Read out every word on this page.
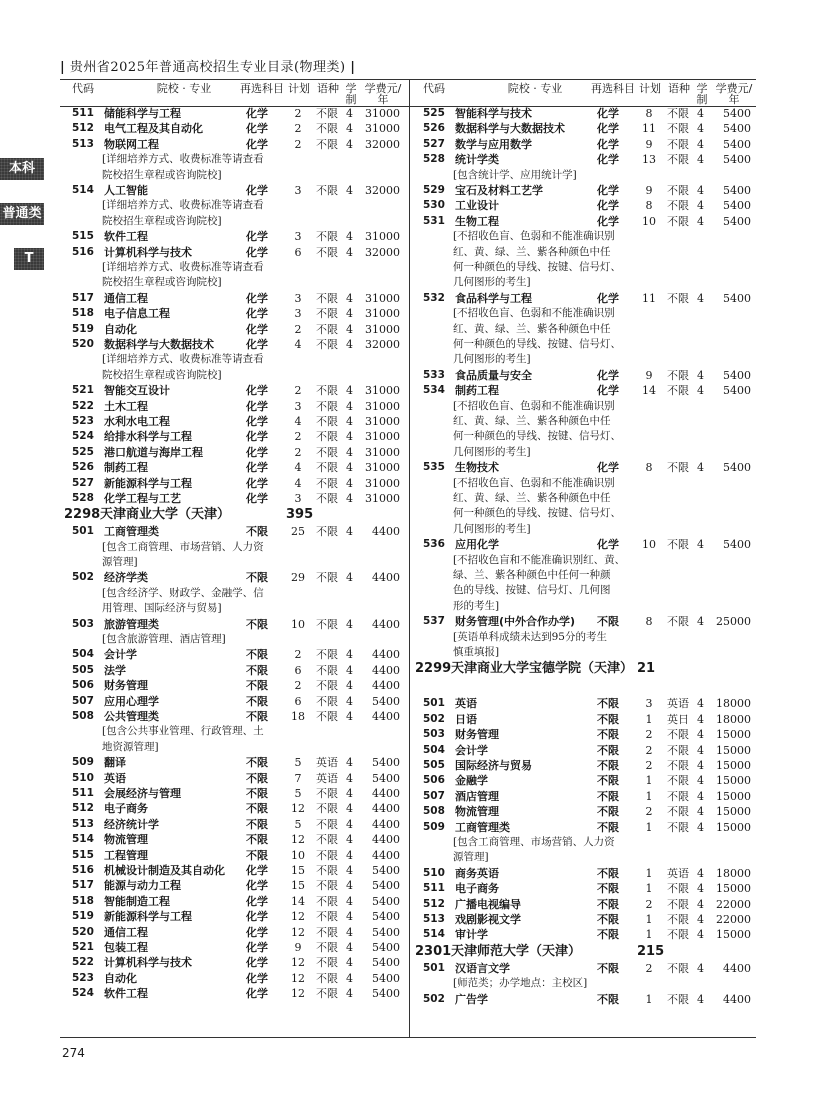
| 贵州省2025年普通高校招生专业目录(物理类) |
本科
普通类
T
代码	院校 · 专业	再选科目 计划 语种 学制
学费元/年
511 储能科学与工程	化学	2	不限 4	31000
512 电气工程及其自动化	化学	2	不限 4	31000
513 物联网工程	化学	2	不限 4	32000
[详细培养方式、收费标准等请查看
院校招生章程或咨询院校]
514 人工智能	化学	3	不限 4	32000
[详细培养方式、收费标准等请查看
院校招生章程或咨询院校]
515 软件工程	化学	3	不限 4	31000
516 计算机科学与技术	化学	6	不限 4	32000
[详细培养方式、收费标准等请查看
院校招生章程或咨询院校]
517 通信工程	化学	3	不限 4	31000
518 电子信息工程	化学	3	不限 4	31000
519 自动化	化学	2	不限 4	31000
520 数据科学与大数据技术	化学	4	不限 4	32000
[详细培养方式、收费标准等请查看
院校招生章程或咨询院校]
521 智能交互设计	化学	2	不限 4	31000
522 土木工程	化学	3	不限 4	31000
523 水利水电工程	化学	4	不限 4	31000
524 给排水科学与工程	化学	2	不限 4	31000
525 港口航道与海岸工程	化学	2	不限 4	31000
526 制药工程	化学	4	不限 4	31000
527 新能源科学与工程	化学	4	不限 4	31000
528 化学工程与工艺	化学	3	不限 4	31000
2298 天津商业大学（天津）	395
501 工商管理类	不限	25	不限 4	4400
[包含工商管理、市场营销、人力资
源管理]
502 经济学类	不限	29	不限 4	4400
[包含经济学、财政学、金融学、信
用管理、国际经济与贸易]
503 旅游管理类	不限	10	不限 4	4400
[包含旅游管理、酒店管理]
504 会计学	不限	2	不限 4	4400
505 法学	不限	6	不限 4	4400
506 财务管理	不限	2	不限 4	4400
507 应用心理学	不限	6	不限 4	5400
508 公共管理类	不限	18	不限 4	4400
[包含公共事业管理、行政管理、土
地资源管理]
509 翻译	不限	5	英语 4	5400
510 英语	不限	7	英语 4	5400
511 会展经济与管理	不限	5	不限 4	4400
512 电子商务	不限	12	不限 4	4400
513 经济统计学	不限	5	不限 4	4400
514 物流管理	不限	12	不限 4	4400
515 工程管理	不限	10	不限 4	4400
516 机械设计制造及其自动化 化学	15	不限 4	5400
517 能源与动力工程	化学	15	不限 4	5400
518 智能制造工程	化学	14	不限 4	5400
519 新能源科学与工程	化学	12	不限 4	5400
520 通信工程	化学	12	不限 4	5400
521 包装工程	化学	9	不限 4	5400
522 计算机科学与技术	化学	12	不限 4	5400
523 自动化	化学	12	不限 4	5400
524 软件工程	化学	12	不限 4	5400
代码	院校 · 专业	再选科目 计划 语种 学制
学费元/年
525 智能科学与技术	化学	8	不限 4	5400
526 数据科学与大数据技术	化学	11	不限 4	5400
527 数学与应用数学	化学	9	不限 4	5400
528 统计学类	化学	13	不限 4	5400
[包含统计学、应用统计学]
529 宝石及材料工艺学	化学	9	不限 4	5400
530 工业设计	化学	8	不限 4	5400
531 生物工程	化学	10	不限 4	5400
[不招收色盲、色弱和不能准确识别
红、黄、绿、兰、紫各种颜色中任
何一种颜色的导线、按键、信号灯、
几何图形的考生]
532 食品科学与工程	化学	11	不限 4	5400
[不招收色盲、色弱和不能准确识别
红、黄、绿、兰、紫各种颜色中任
何一种颜色的导线、按键、信号灯、
几何图形的考生]
533 食品质量与安全	化学	9	不限 4	5400
534 制药工程	化学	14	不限 4	5400
[不招收色盲、色弱和不能准确识别
红、黄、绿、兰、紫各种颜色中任
何一种颜色的导线、按键、信号灯、
几何图形的考生]
535 生物技术	化学	8	不限 4	5400
[不招收色盲、色弱和不能准确识别
红、黄、绿、兰、紫各种颜色中任
何一种颜色的导线、按键、信号灯、
几何图形的考生]
536 应用化学	化学	10	不限 4	5400
[不招收色盲和不能准确识别红、黄、
绿、兰、紫各种颜色中任何一种颜
色的导线、按键、信号灯、几何图
形的考生]
537 财务管理(中外合作办学) 不限	8	不限 4	25000
[英语单科成绩未达到95分的考生
慎重填报]
2299 天津商业大学宝德学院（天津） 21
501 英语	不限	3	英语 4	18000
502 日语	不限	1	英日 4	18000
503 财务管理	不限	2	不限 4	15000
504 会计学	不限	2	不限 4	15000
505 国际经济与贸易	不限	2	不限 4	15000
506 金融学	不限	1	不限 4	15000
507 酒店管理	不限	1	不限 4	15000
508 物流管理	不限	2	不限 4	15000
509 工商管理类	不限	1	不限 4	15000
[包含工商管理、市场营销、人力资
源管理]
510 商务英语	不限	1	英语 4	18000
511 电子商务	不限	1	不限 4	15000
512 广播电视编导	不限	2	不限 4	22000
513 戏剧影视文学	不限	1	不限 4	22000
514 审计学	不限	1	不限 4	15000
2301 天津师范大学（天津）	215
501 汉语言文学	不限	2	不限 4	4400
[师范类；办学地点：主校区]
502 广告学	不限	1	不限 4	4400
274
